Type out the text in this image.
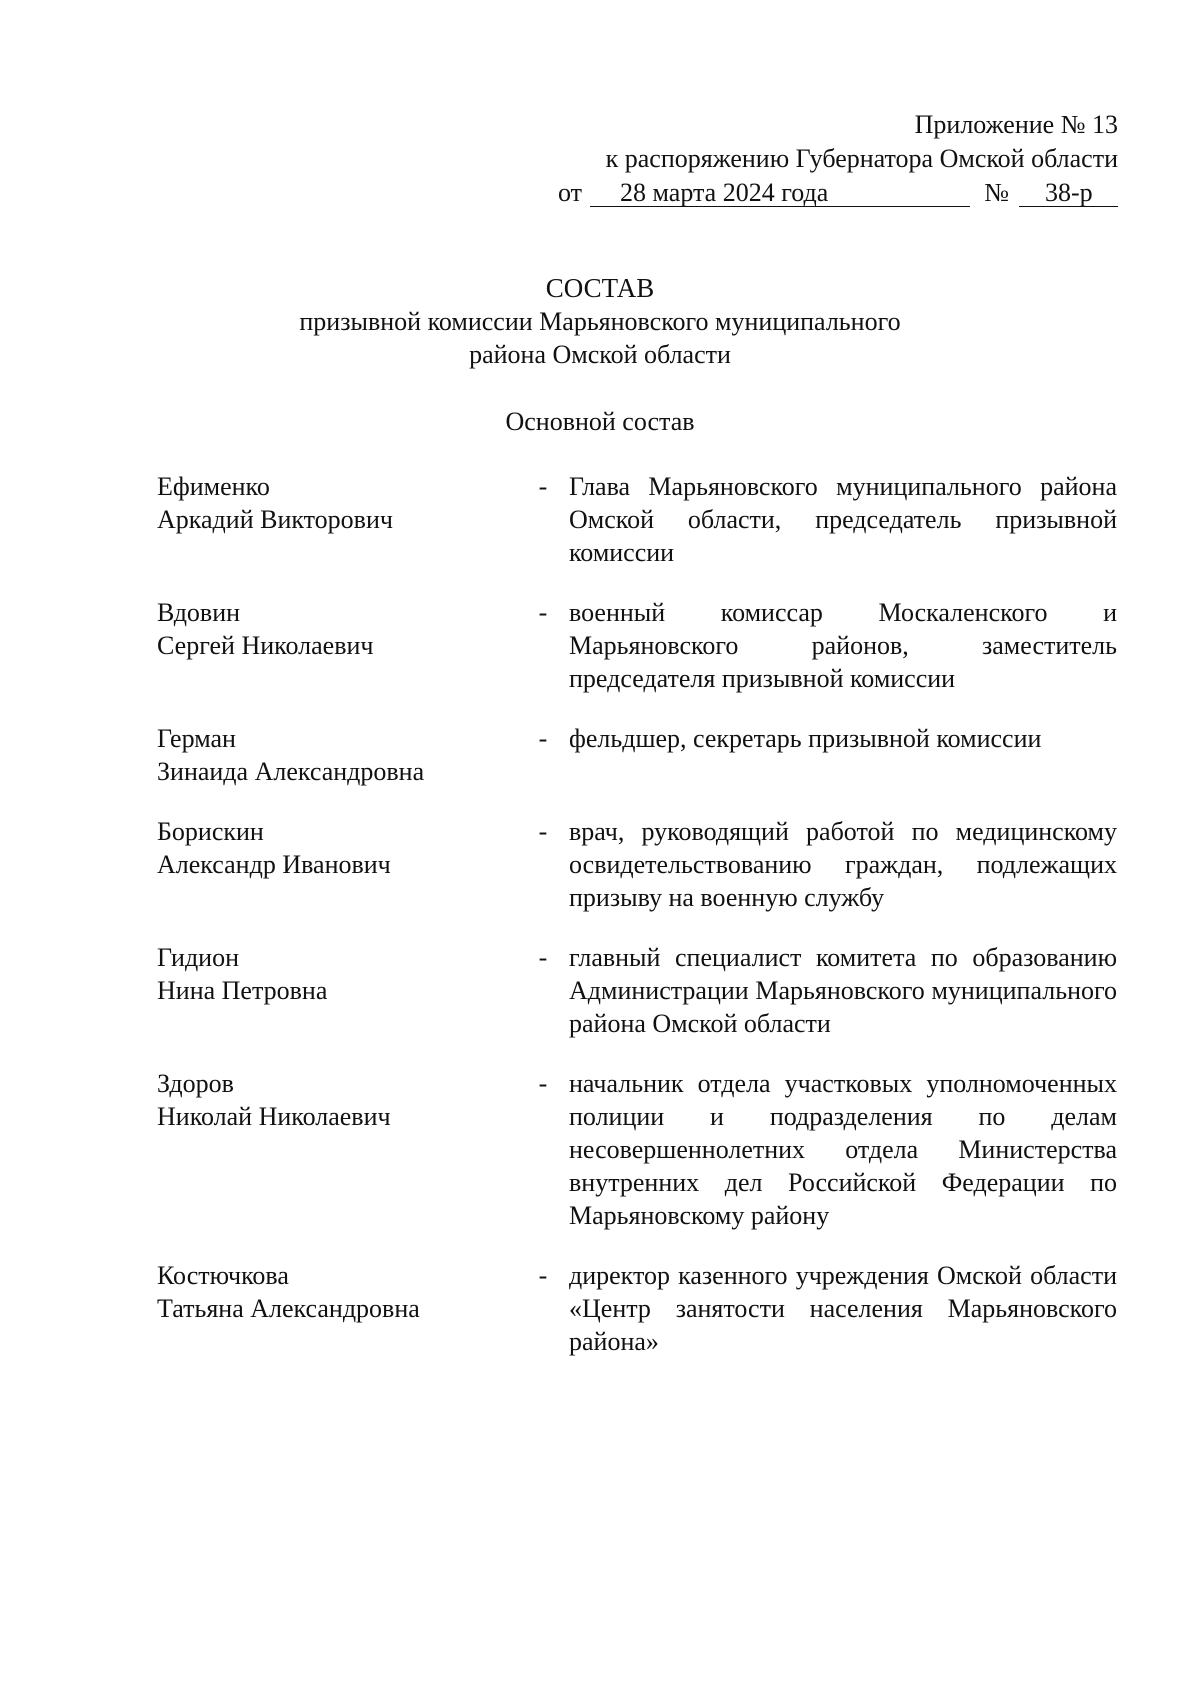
Приложение № 13
к распоряжению Губернатора Омской области
от	28 марта 2024 года	№	38-р
СОСТАВ
призывной комиссии Марьяновского муниципального
района Омской области
Основной состав
Ефименко
Аркадий Викторович
- Глава Марьяновского муниципального района Омской области, председатель призывной комиссии
Вдовин
Сергей Николаевич
- военный комиссар Москаленского и Марьяновского районов, заместитель председателя призывной комиссии
Герман
Зинаида Александровна
- фельдшер, секретарь призывной комиссии
Борискин
Александр Иванович
- врач, руководящий работой по медицинскому освидетельствованию граждан, подлежащих призыву на военную службу
Гидион
Нина Петровна
- главный специалист комитета по образованию Администрации Марьяновского муниципального района Омской области
Здоров
Николай Николаевич
- начальник отдела участковых уполномоченных полиции и подразделения по делам несовершеннолетних отдела Министерства внутренних дел Российской Федерации по Марьяновскому району
Костючкова
Татьяна Александровна
- директор казенного учреждения Омской области «Центр занятости населения Марьяновского района»
